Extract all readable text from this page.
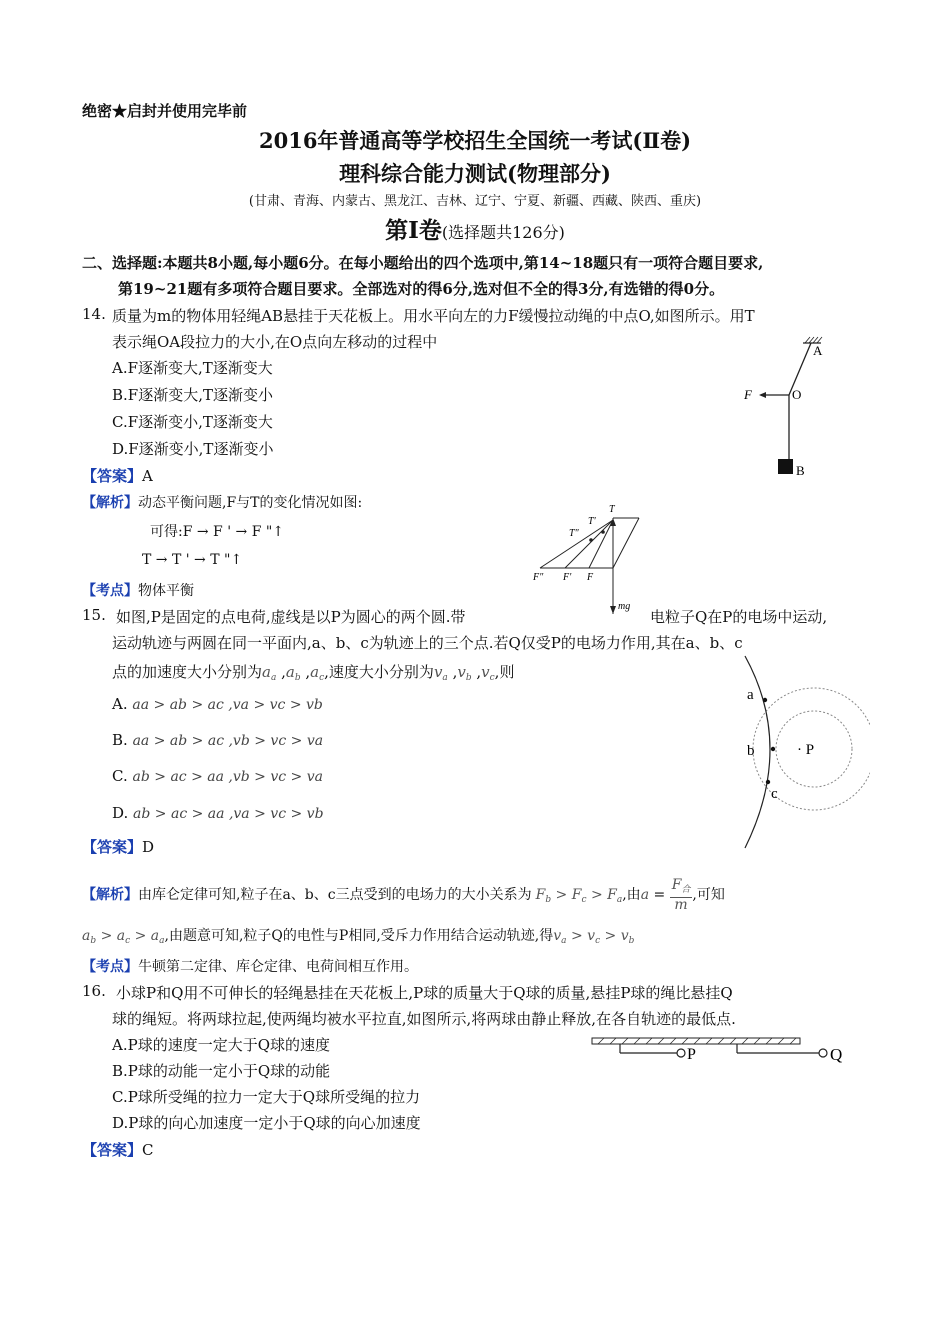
绝密★启封并使用完毕前
2016年普通高等学校招生全国统一考试(Ⅱ卷)
理科综合能力测试(物理部分)
(甘肃、青海、内蒙古、黑龙江、吉林、辽宁、宁夏、新疆、西藏、陕西、重庆)
第Ⅰ卷(选择题共126分)
二、选择题:本题共8小题,每小题6分。在每小题给出的四个选项中,第14~18题只有一项符合题目要求,
第19~21题有多项符合题目要求。全部选对的得6分,选对但不全的得3分,有选错的得0分。
14. 质量为m的物体用轻绳AB悬挂于天花板上。用水平向左的力F缓慢拉动绳的中点O,如图所示。用T
表示绳OA段拉力的大小,在O点向左移动的过程中
A.F逐渐变大,T逐渐变大
B.F逐渐变大,T逐渐变小
C.F逐渐变小,T逐渐变大
D.F逐渐变小,T逐渐变小
A
O
F
B
【答案】A
【解析】动态平衡问题,F与T的变化情况如图:
可得:F → F ' → F "↑
T → T ' → T "↑
T
T'
T"
F
F'
F"
mg
【考点】物体平衡
15. 如图,P是固定的点电荷,虚线是以P为圆心的两个圆.带	电粒子Q在P的电场中运动,
运动轨迹与两圆在同一平面内,a、b、c为轨迹上的三个点.若Q仅受P的电场力作用,其在a、b、c
点的加速度大小分别为$a_a$ $,a_b$ $,a_c$,速度大小分别为$v_a$ $,v_b$ $,v_c$,则
A. aa > ab > ac ,va > vc > vb
B. aa > ab > ac ,vb > vc > va
C. ab > ac > aa ,vb > vc > va
D. ab > ac > aa ,va > vc > vb
a
b
c
· P
【答案】D
【解析】由库仑定律可知,粒子在a、b、c三点受到的电场力的大小关系为 $F_b > F_c > F_a$,由a =
$F_合$
m
,可知
$a_b > a_c > a_a$,由题意可知,粒子Q的电性与P相同,受斥力作用结合运动轨迹,得$v_a > v_c > v_b$
【考点】牛顿第二定律、库仑定律、电荷间相互作用。
16. 小球P和Q用不可伸长的轻绳悬挂在天花板上,P球的质量大于Q球的质量,悬挂P球的绳比悬挂Q
球的绳短。将两球拉起,使两绳均被水平拉直,如图所示,将两球由静止释放,在各自轨迹的最低点.
A.P球的速度一定大于Q球的速度
B.P球的动能一定小于Q球的动能
C.P球所受绳的拉力一定大于Q球所受绳的拉力
D.P球的向心加速度一定小于Q球的向心加速度
P	Q
【答案】C
